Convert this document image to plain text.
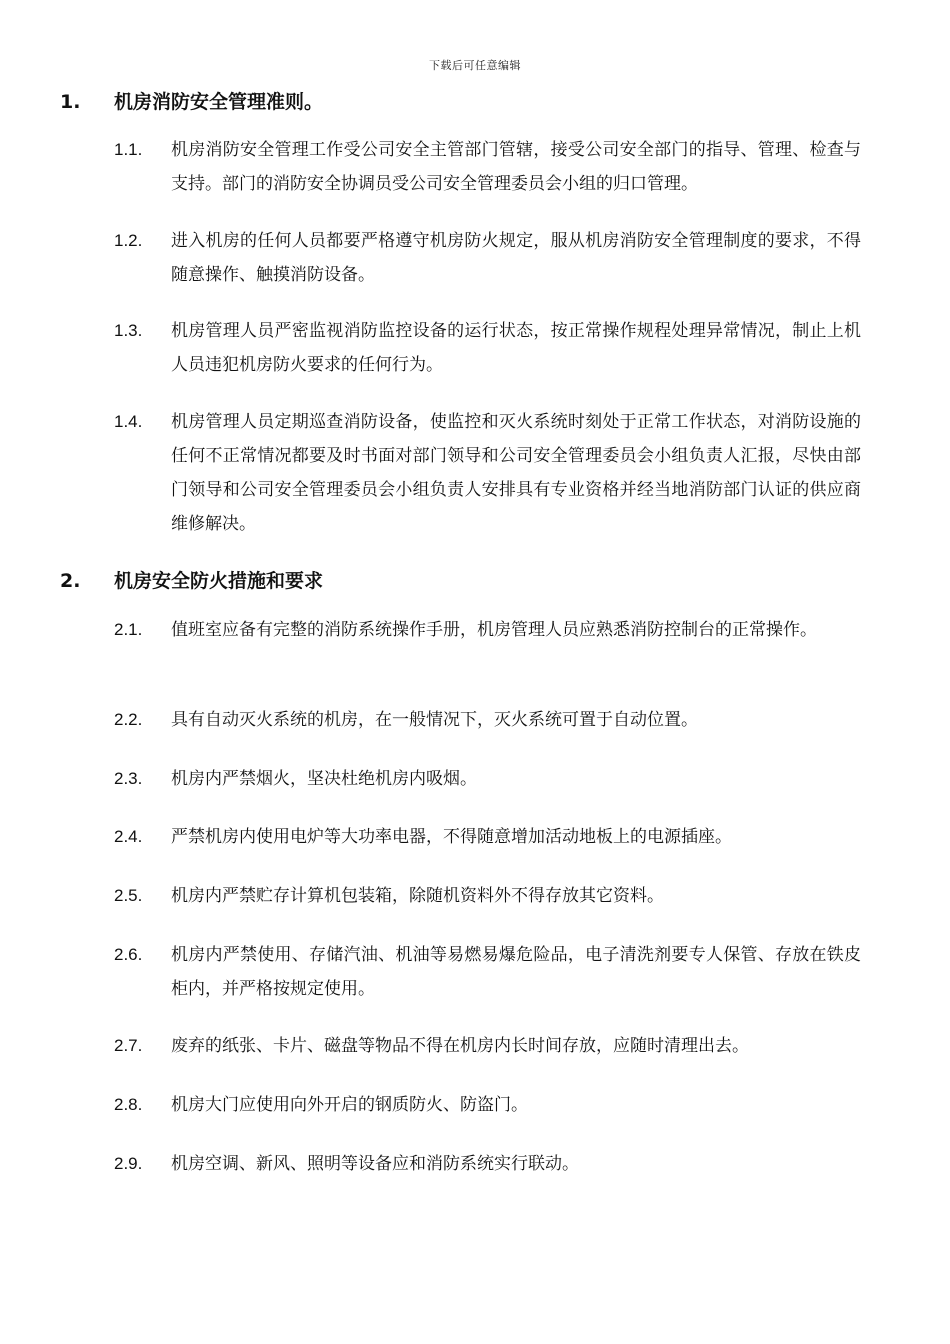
下载后可任意编辑
1. 机房消防安全管理准则。
1.1. 机房消防安全管理工作受公司安全主管部门管辖，接受公司安全部门的指导、管理、检查与支持。部门的消防安全协调员受公司安全管理委员会小组的归口管理。
1.2. 进入机房的任何人员都要严格遵守机房防火规定，服从机房消防安全管理制度的要求，不得随意操作、触摸消防设备。
1.3. 机房管理人员严密监视消防监控设备的运行状态，按正常操作规程处理异常情况，制止上机人员违犯机房防火要求的任何行为。
1.4. 机房管理人员定期巡查消防设备，使监控和灭火系统时刻处于正常工作状态，对消防设施的任何不正常情况都要及时书面对部门领导和公司安全管理委员会小组负责人汇报，尽快由部门领导和公司安全管理委员会小组负责人安排具有专业资格并经当地消防部门认证的供应商维修解决。
2. 机房安全防火措施和要求
2.1. 值班室应备有完整的消防系统操作手册，机房管理人员应熟悉消防控制台的正常操作。
2.2. 具有自动灭火系统的机房，在一般情况下，灭火系统可置于自动位置。
2.3. 机房内严禁烟火，坚决杜绝机房内吸烟。
2.4. 严禁机房内使用电炉等大功率电器，不得随意增加活动地板上的电源插座。
2.5. 机房内严禁贮存计算机包装箱，除随机资料外不得存放其它资料。
2.6. 机房内严禁使用、存储汽油、机油等易燃易爆危险品，电子清洗剂要专人保管、存放在铁皮柜内，并严格按规定使用。
2.7. 废弃的纸张、卡片、磁盘等物品不得在机房内长时间存放，应随时清理出去。
2.8. 机房大门应使用向外开启的钢质防火、防盗门。
2.9. 机房空调、新风、照明等设备应和消防系统实行联动。
